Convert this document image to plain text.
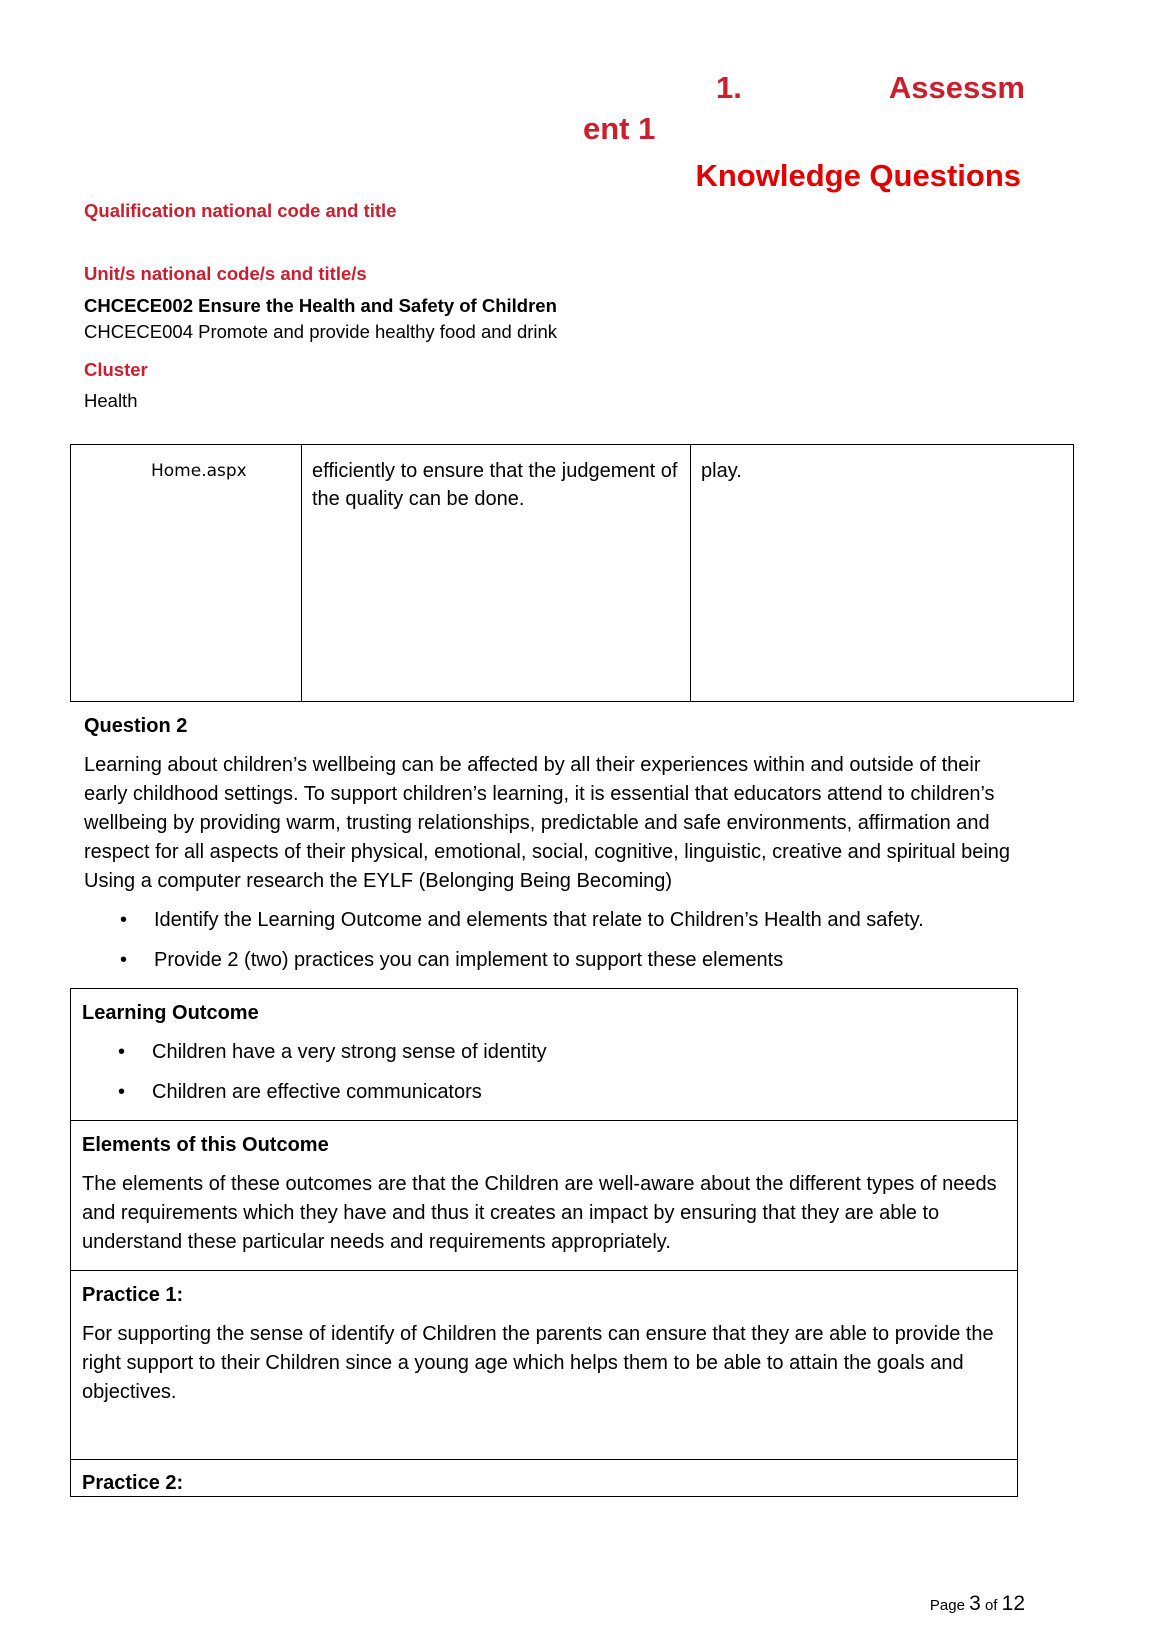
1.	Assessm
ent 1
Knowledge Questions
Qualification national code and title
Unit/s national code/s and title/s
CHCECE002 Ensure the Health and Safety of Children
CHCECE004 Promote and provide healthy food and drink
Cluster
Health
Home.aspx	efficiently to ensure that the judgement of the quality can be done.	play.
Question 2
Learning about children’s wellbeing can be affected by all their experiences within and outside of their early childhood settings. To support children’s learning, it is essential that educators attend to children’s wellbeing by providing warm, trusting relationships, predictable and safe environments, affirmation and respect for all aspects of their physical, emotional, social, cognitive, linguistic, creative and spiritual being Using a computer research the EYLF (Belonging Being Becoming)
• Identify the Learning Outcome and elements that relate to Children’s Health and safety.
• Provide 2 (two) practices you can implement to support these elements
Learning Outcome
• Children have a very strong sense of identity
• Children are effective communicators

Elements of this Outcome
The elements of these outcomes are that the Children are well-aware about the different types of needs and requirements which they have and thus it creates an impact by ensuring that they are able to understand these particular needs and requirements appropriately.

Practice 1:
For supporting the sense of identify of Children the parents can ensure that they are able to provide the right support to their Children since a young age which helps them to be able to attain the goals and objectives.

Practice 2:
Page 3 of 12
